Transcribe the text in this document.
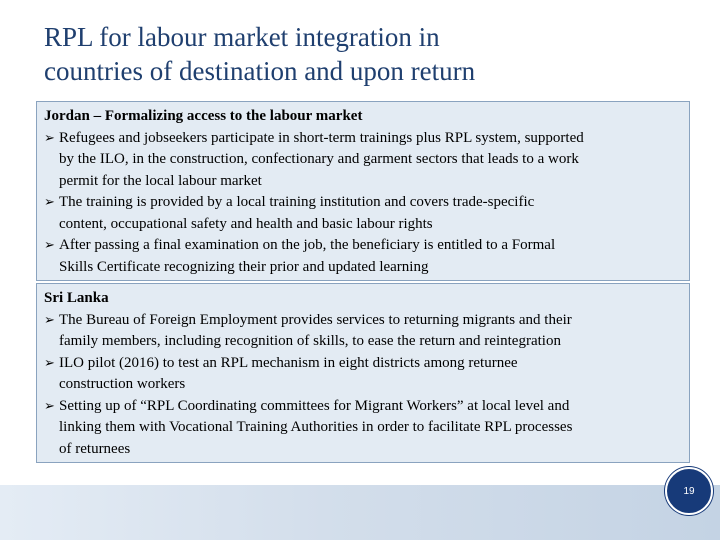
RPL for labour market integration in
countries of destination and upon return
Jordan – Formalizing access to the labour market
➢ Refugees and jobseekers participate in short-term trainings plus RPL system, supported
by the ILO, in the construction, confectionary and garment sectors that leads to a work
permit for the local labour market
➢ The training is provided by a local training institution and covers trade-specific
content, occupational safety and health and basic labour rights
➢ After passing a final examination on the job, the beneficiary is entitled to a Formal
Skills Certificate recognizing their prior and updated learning
Sri Lanka
➢ The Bureau of Foreign Employment provides services to returning migrants and their
family members, including recognition of skills, to ease the return and reintegration
➢ ILO pilot (2016) to test an RPL mechanism in eight districts among returnee
construction workers
➢ Setting up of “RPL Coordinating committees for Migrant Workers” at local level and
linking them with Vocational Training Authorities in order to facilitate RPL processes
of returnees
19
